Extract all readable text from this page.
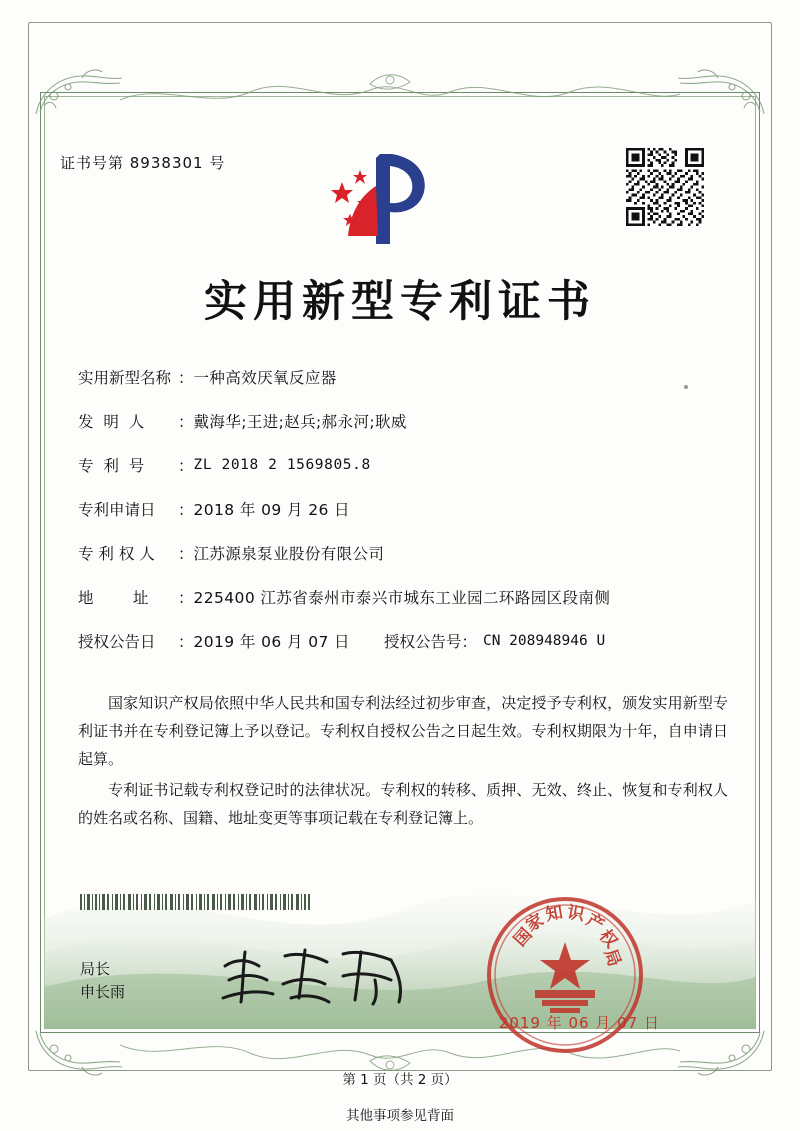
证书号第 8938301 号
实用新型专利证书
实用新型名称 ： 一种高效厌氧反应器
发  明  人	： 戴海华;王进;赵兵;郝永河;耿威
专  利  号	： ZL 2018 2 1569805.8
专利申请日	： 2018 年 09 月 26 日
专 利 权 人	： 江苏源泉泵业股份有限公司
地        址	： 225400 江苏省泰州市泰兴市城东工业园二环路园区段南侧
授权公告日	： 2019 年 06 月 07 日 授权公告号： CN 208948946 U

国家知识产权局依照中华人民共和国专利法经过初步审查，决定授予专利权，颁发实用新型专利证书并在专利登记簿上予以登记。专利权自授权公告之日起生效。专利权期限为十年，自申请日起算。

专利证书记载专利权登记时的法律状况。专利权的转移、质押、无效、终止、恢复和专利权人的姓名或名称、国籍、地址变更等事项记载在专利登记簿上。

局长
申长雨
国
家
知 识
产
权
局
2019 年 06 月 07 日
第 1 页（共 2 页）
其他事项参见背面
